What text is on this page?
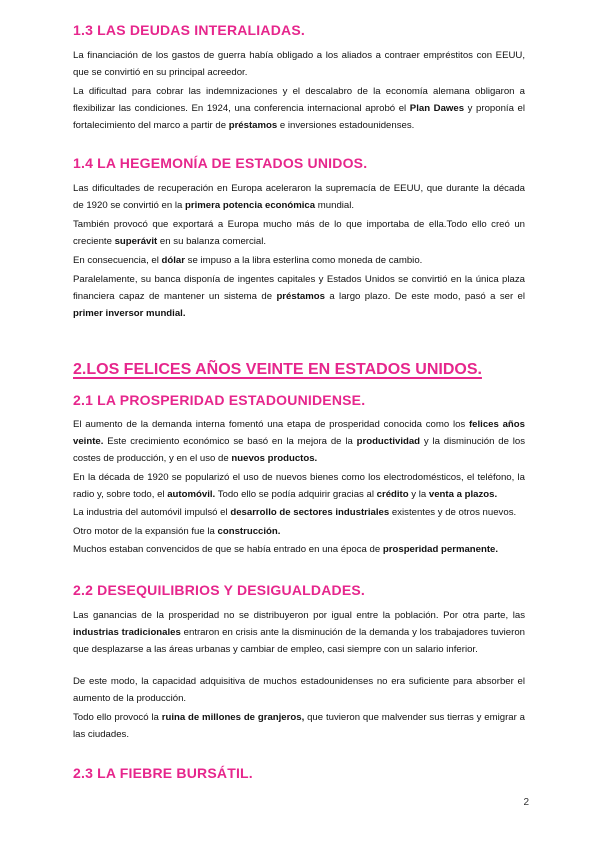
1.3 LAS DEUDAS INTERALIADAS.
La financiación de los gastos de guerra había obligado a los aliados a contraer empréstitos con EEUU, que se convirtió en su principal acreedor.
La dificultad para cobrar las indemnizaciones y el descalabro de la economía alemana obligaron a flexibilizar las condiciones. En 1924, una conferencia internacional aprobó el Plan Dawes y proponía el fortalecimiento del marco a partir de préstamos e inversiones estadounidenses.
1.4 LA HEGEMONÍA DE ESTADOS UNIDOS.
Las dificultades de recuperación en Europa aceleraron la supremacía de EEUU, que durante la década de 1920 se convirtió en la primera potencia económica mundial.
También provocó que exportará a Europa mucho más de lo que importaba de ella.Todo ello creó un creciente superávit en su balanza comercial.
En consecuencia, el dólar se impuso a la libra esterlina como moneda de cambio.
Paralelamente, su banca disponía de ingentes capitales y Estados Unidos se convirtió en la única plaza financiera capaz de mantener un sistema de préstamos a largo plazo. De este modo, pasó a ser el primer inversor mundial.
2.LOS FELICES AÑOS VEINTE EN ESTADOS UNIDOS.
2.1 LA PROSPERIDAD ESTADOUNIDENSE.
El aumento de la demanda interna fomentó una etapa de prosperidad conocida como los felices años veinte. Este crecimiento económico se basó en la mejora de la productividad y la disminución de los costes de producción, y en el uso de nuevos productos.
En la década de 1920 se popularizó el uso de nuevos bienes como los electrodomésticos, el teléfono, la radio y, sobre todo, el automóvil. Todo ello se podía adquirir gracias al crédito y la venta a plazos.
La industria del automóvil impulsó el desarrollo de sectores industriales existentes y de otros nuevos.
Otro motor de la expansión fue la construcción.
Muchos estaban convencidos de que se había entrado en una época de prosperidad permanente.
2.2 DESEQUILIBRIOS Y DESIGUALDADES.
Las ganancias de la prosperidad no se distribuyeron por igual entre la población. Por otra parte, las industrias tradicionales entraron en crisis ante la disminución de la demanda y los trabajadores tuvieron que desplazarse a las áreas urbanas y cambiar de empleo, casi siempre con un salario inferior.
De este modo, la capacidad adquisitiva de muchos estadounidenses no era suficiente para absorber el aumento de la producción.
Todo ello provocó la ruina de millones de granjeros, que tuvieron que malvender sus tierras y emigrar a las ciudades.
2.3 LA FIEBRE BURSÁTIL.
2
